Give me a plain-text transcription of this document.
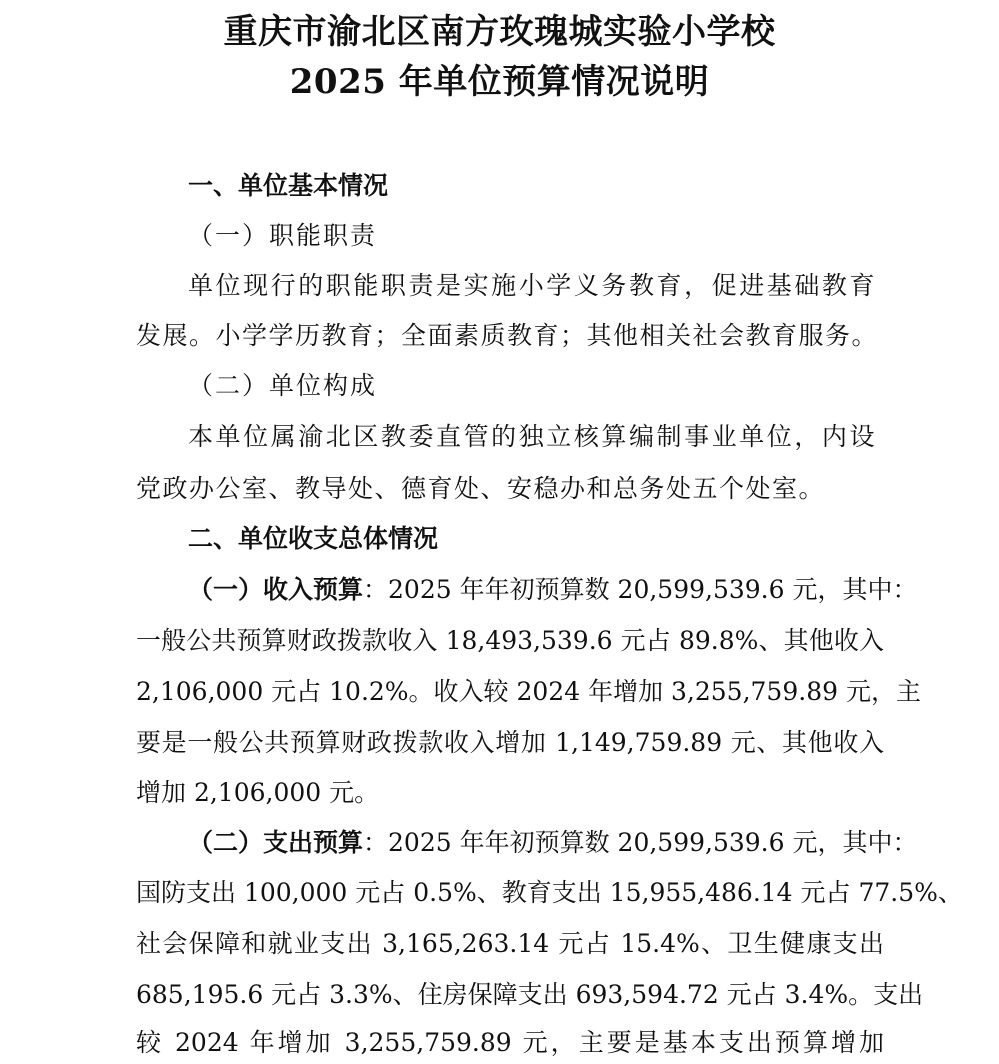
重庆市渝北区南方玫瑰城实验小学校
2025 年单位预算情况说明
一、单位基本情况
（一）职能职责
单位现行的职能职责是实施小学义务教育，促进基础教育
发展。小学学历教育；全面素质教育；其他相关社会教育服务。
（二）单位构成
本单位属渝北区教委直管的独立核算编制事业单位，内设
党政办公室、教导处、德育处、安稳办和总务处五个处室。
二、单位收支总体情况
（一）收入预算：2025 年年初预算数 20,599,539.6 元，其中：
一般公共预算财政拨款收入 18,493,539.6 元占 89.8%、其他收入
2,106,000 元占 10.2%。收入较 2024 年增加 3,255,759.89 元，主
要是一般公共预算财政拨款收入增加 1,149,759.89 元、其他收入
增加 2,106,000 元。
（二）支出预算：2025 年年初预算数 20,599,539.6 元，其中：
国防支出 100,000 元占 0.5%、教育支出 15,955,486.14 元占 77.5%、
社会保障和就业支出 3,165,263.14 元占 15.4%、卫生健康支出
685,195.6 元占 3.3%、住房保障支出 693,594.72 元占 3.4%。支出
较 2024 年增加 3,255,759.89 元，主要是基本支出预算增加
